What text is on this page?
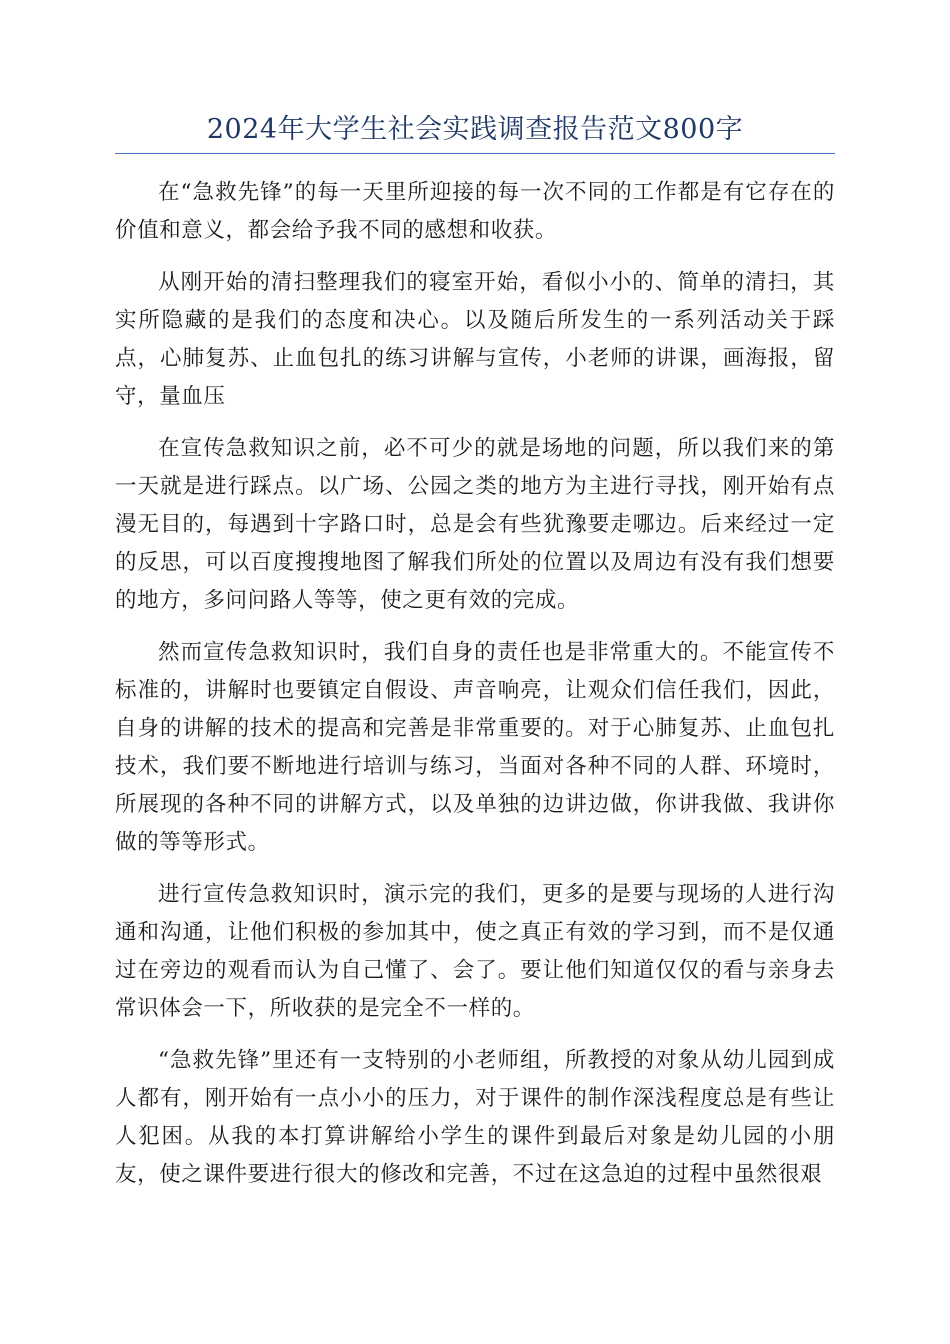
2024年大学生社会实践调查报告范文800字

在“急救先锋”的每一天里所迎接的每一次不同的工作都是有它存在的价值和意义，都会给予我不同的感想和收获。

从刚开始的清扫整理我们的寝室开始，看似小小的、简单的清扫，其实所隐藏的是我们的态度和决心。以及随后所发生的一系列活动关于踩点，心肺复苏、止血包扎的练习讲解与宣传，小老师的讲课，画海报，留守，量血压

在宣传急救知识之前，必不可少的就是场地的问题，所以我们来的第一天就是进行踩点。以广场、公园之类的地方为主进行寻找，刚开始有点漫无目的，每遇到十字路口时，总是会有些犹豫要走哪边。后来经过一定的反思，可以百度搜搜地图了解我们所处的位置以及周边有没有我们想要的地方，多问问路人等等，使之更有效的完成。

然而宣传急救知识时，我们自身的责任也是非常重大的。不能宣传不标准的，讲解时也要镇定自假设、声音响亮，让观众们信任我们，因此，自身的讲解的技术的提高和完善是非常重要的。对于心肺复苏、止血包扎技术，我们要不断地进行培训与练习，当面对各种不同的人群、环境时，所展现的各种不同的讲解方式，以及单独的边讲边做，你讲我做、我讲你做的等等形式。

进行宣传急救知识时，演示完的我们，更多的是要与现场的人进行沟通和沟通，让他们积极的参加其中，使之真正有效的学习到，而不是仅通过在旁边的观看而认为自己懂了、会了。要让他们知道仅仅的看与亲身去常识体会一下，所收获的是完全不一样的。

“急救先锋”里还有一支特别的小老师组，所教授的对象从幼儿园到成人都有，刚开始有一点小小的压力，对于课件的制作深浅程度总是有些让人犯困。从我的本打算讲解给小学生的课件到最后对象是幼儿园的小朋友，使之课件要进行很大的修改和完善，不过在这急迫的过程中虽然很艰
